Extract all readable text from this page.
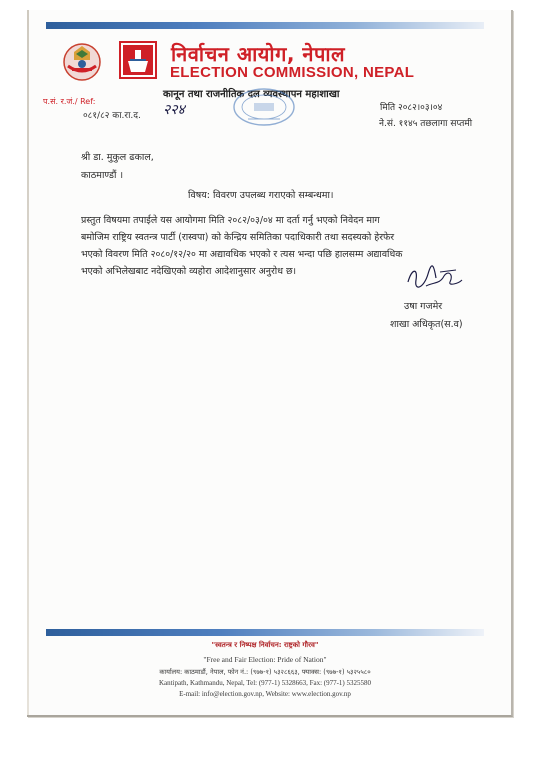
निर्वाचन आयोग, नेपाल
ELECTION COMMISSION, NEPAL
कानून तथा राजनीतिक दल व्यवस्थापन महाशाखा
प.सं. र.जं./ Ref:
०८१/८२ का.रा.द. २२४	मिति २०८२।०३।०४
ने.सं. ११४५ तछलागा सप्तमी
श्री डा. मुकुल ढकाल,
काठमाण्डौं ।
विषय: विवरण उपलब्ध गराएको सम्बन्धमा।
प्रस्तुत विषयमा तपाईले यस आयोगमा मिति २०८२/०३/०४ मा दर्ता गर्नु भएको निवेदन माग
बमोजिम राष्ट्रिय स्वतन्त्र पार्टी (रास्वपा) को केन्द्रिय समितिका पदाधिकारी तथा सदस्यको हेरफेर
भएको विवरण मिति २०८०/१२/२० मा अद्यावधिक भएको र त्यस भन्दा पछि हालसम्म अद्यावधिक
भएको अभिलेखबाट नदेखिएको व्यहोरा आदेशानुसार अनुरोध छ।
उषा गजमेर
शाखा अधिकृत(स.व)
"स्वतन्त्र र निष्पक्ष निर्वाचन: राष्ट्रको गौरव"
"Free and Fair Election: Pride of Nation"
कार्यालय: काठमाडौं, नेपाल, फोन नं.: (९७७-१) ५३२८६६३, फ्याक्स: (९७७-१) ५३२५५८०
Kantipath, Kathmandu, Nepal, Tel: (977-1) 5328663, Fax: (977-1) 5325580
E-mail: info@election.gov.np, Website: www.election.gov.np
